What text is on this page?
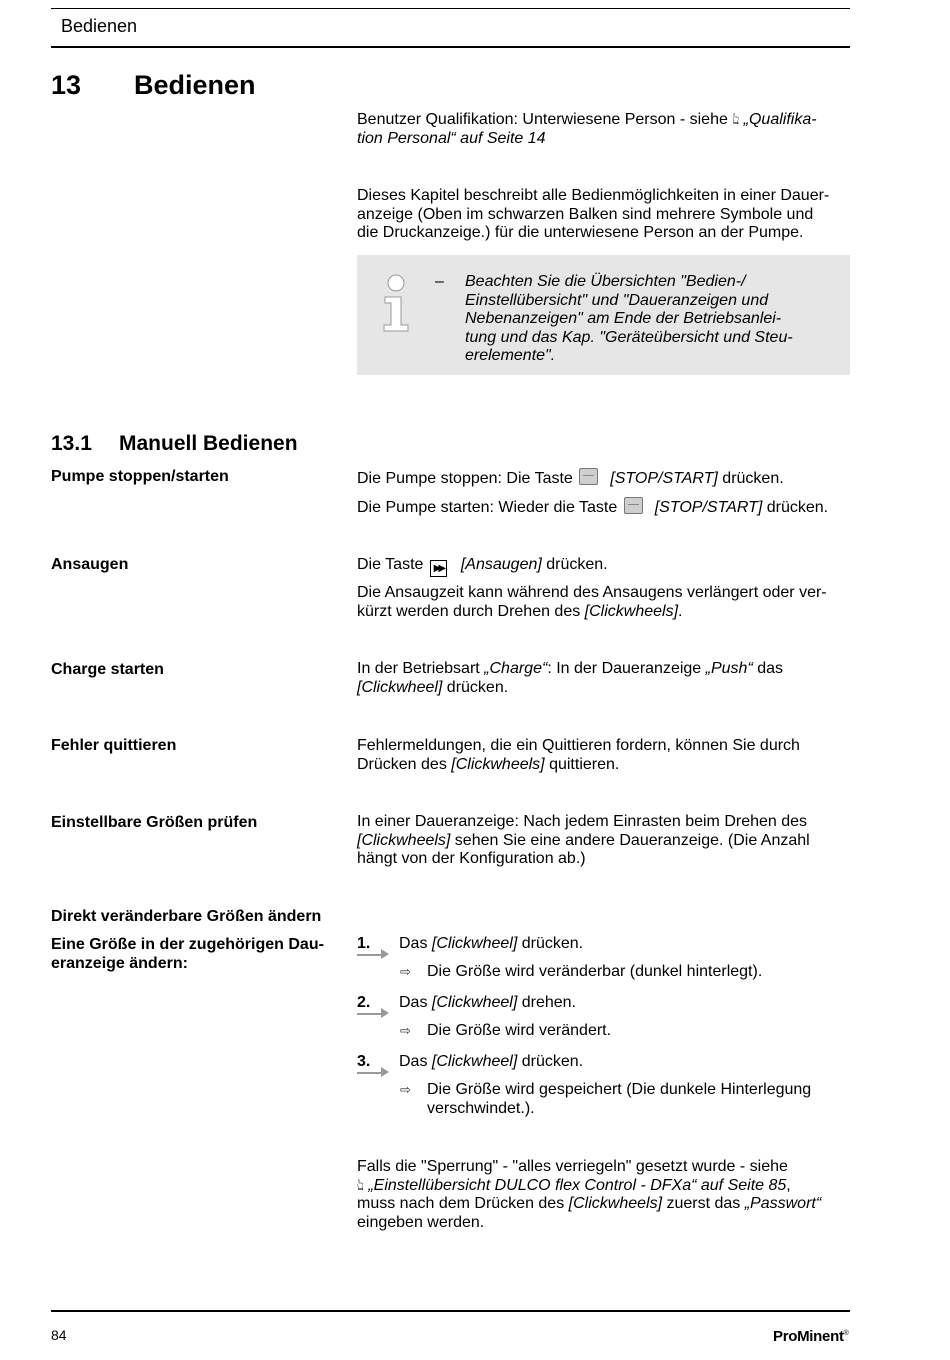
Bedienen
13 Bedienen
Benutzer Qualifikation: Unterwiesene Person - siehe 👆︎ „Qualifika-
tion Personal“ auf Seite 14
Dieses Kapitel beschreibt alle Bedienmöglichkeiten in einer Dauer-
anzeige (Oben im schwarzen Balken sind mehrere Symbole und
die Druckanzeige.) für die unterwiesene Person an der Pumpe.
– Beachten Sie die Übersichten "Bedien-/
Einstellübersicht" und "Daueranzeigen und
Nebenanzeigen" am Ende der Betriebsanlei-
tung und das Kap. "Geräteübersicht und Steu-
erelemente".
13.1 Manuell Bedienen
Pumpe stoppen/starten	Die Pumpe stoppen: Die Taste [STOP/START] drücken.
Die Pumpe starten: Wieder die Taste [STOP/START] drücken.
Ansaugen	Die Taste ▶▶ [Ansaugen] drücken.
Die Ansaugzeit kann während des Ansaugens verlängert oder ver-
kürzt werden durch Drehen des [Clickwheels].
Charge starten	In der Betriebsart „Charge“: In der Daueranzeige „Push“ das
[Clickwheel] drücken.
Fehler quittieren	Fehlermeldungen, die ein Quittieren fordern, können Sie durch
Drücken des [Clickwheels] quittieren.
Einstellbare Größen prüfen	In einer Daueranzeige: Nach jedem Einrasten beim Drehen des
[Clickwheels] sehen Sie eine andere Daueranzeige. (Die Anzahl
hängt von der Konfiguration ab.)
Direkt veränderbare Größen ändern
Eine Größe in der zugehörigen Dau-
eranzeige ändern:
1.	Das [Clickwheel] drücken.
⇨ Die Größe wird veränderbar (dunkel hinterlegt).
2.	Das [Clickwheel] drehen.
⇨ Die Größe wird verändert.
3.	Das [Clickwheel] drücken.
⇨ Die Größe wird gespeichert (Die dunkele Hinterlegung verschwindet.).
Falls die "Sperrung" - "alles verriegeln" gesetzt wurde - siehe
👆︎ „Einstellübersicht DULCO flex Control - DFXa“ auf Seite 85,
muss nach dem Drücken des [Clickwheels] zuerst das „Passwort“
eingeben werden.
84	ProMinent®
